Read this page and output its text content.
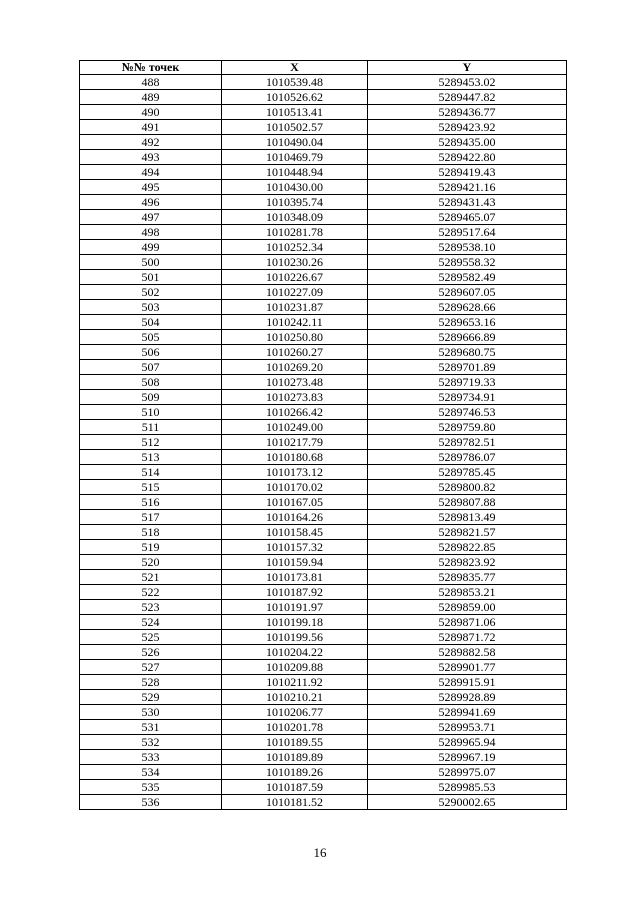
№№ точек	X	Y
488	1010539.48	5289453.02
489	1010526.62	5289447.82
490	1010513.41	5289436.77
491	1010502.57	5289423.92
492	1010490.04	5289435.00
493	1010469.79	5289422.80
494	1010448.94	5289419.43
495	1010430.00	5289421.16
496	1010395.74	5289431.43
497	1010348.09	5289465.07
498	1010281.78	5289517.64
499	1010252.34	5289538.10
500	1010230.26	5289558.32
501	1010226.67	5289582.49
502	1010227.09	5289607.05
503	1010231.87	5289628.66
504	1010242.11	5289653.16
505	1010250.80	5289666.89
506	1010260.27	5289680.75
507	1010269.20	5289701.89
508	1010273.48	5289719.33
509	1010273.83	5289734.91
510	1010266.42	5289746.53
511	1010249.00	5289759.80
512	1010217.79	5289782.51
513	1010180.68	5289786.07
514	1010173.12	5289785.45
515	1010170.02	5289800.82
516	1010167.05	5289807.88
517	1010164.26	5289813.49
518	1010158.45	5289821.57
519	1010157.32	5289822.85
520	1010159.94	5289823.92
521	1010173.81	5289835.77
522	1010187.92	5289853.21
523	1010191.97	5289859.00
524	1010199.18	5289871.06
525	1010199.56	5289871.72
526	1010204.22	5289882.58
527	1010209.88	5289901.77
528	1010211.92	5289915.91
529	1010210.21	5289928.89
530	1010206.77	5289941.69
531	1010201.78	5289953.71
532	1010189.55	5289965.94
533	1010189.89	5289967.19
534	1010189.26	5289975.07
535	1010187.59	5289985.53
536	1010181.52	5290002.65
16
